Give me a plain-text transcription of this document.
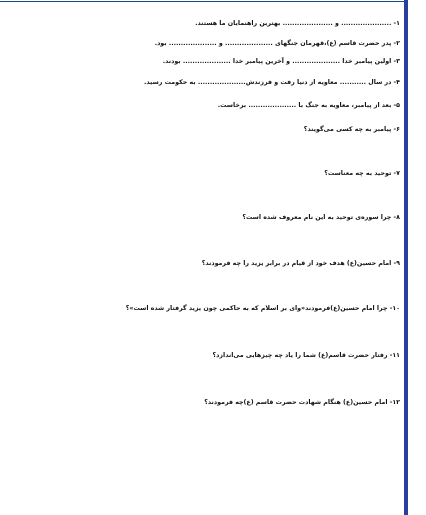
۱- ..................... و ..................... بهترین راهنمایان ما هستند.
۲- پدر حضرت قاسم (ع)،قهرمان جنگهای .................... و .................... بود.
۳- اولین پیامبر خدا .................... و آخرین پیامبر خدا .................... بودند.
۴- در سال ........... معاویه از دنیا رفت و فرزندش.................... به حکومت رسید.
۵- بعد از پیامبر، معاویه به جنگ با .................... برخاست.
۶- پیامبر به چه کسی می‌گویند؟
۷- توحید به چه معناست؟
۸- چرا سوره‌ی توحید به این نام معروف شده است؟
۹- امام حسین(ع) هدف خود از قیام در برابر یزید را چه فرمودند؟
۱۰- چرا امام حسین(ع)فرمودند«وای بر اسلام که به حاکمی چون یزید گرفتار شده است»؟
۱۱- رفتار حضرت قاسم(ع) شما را یاد چه چیزهایی می‌اندازد؟
۱۲- امام حسین(ع) هنگام شهادت حضرت قاسم (ع)چه فرمودند؟
